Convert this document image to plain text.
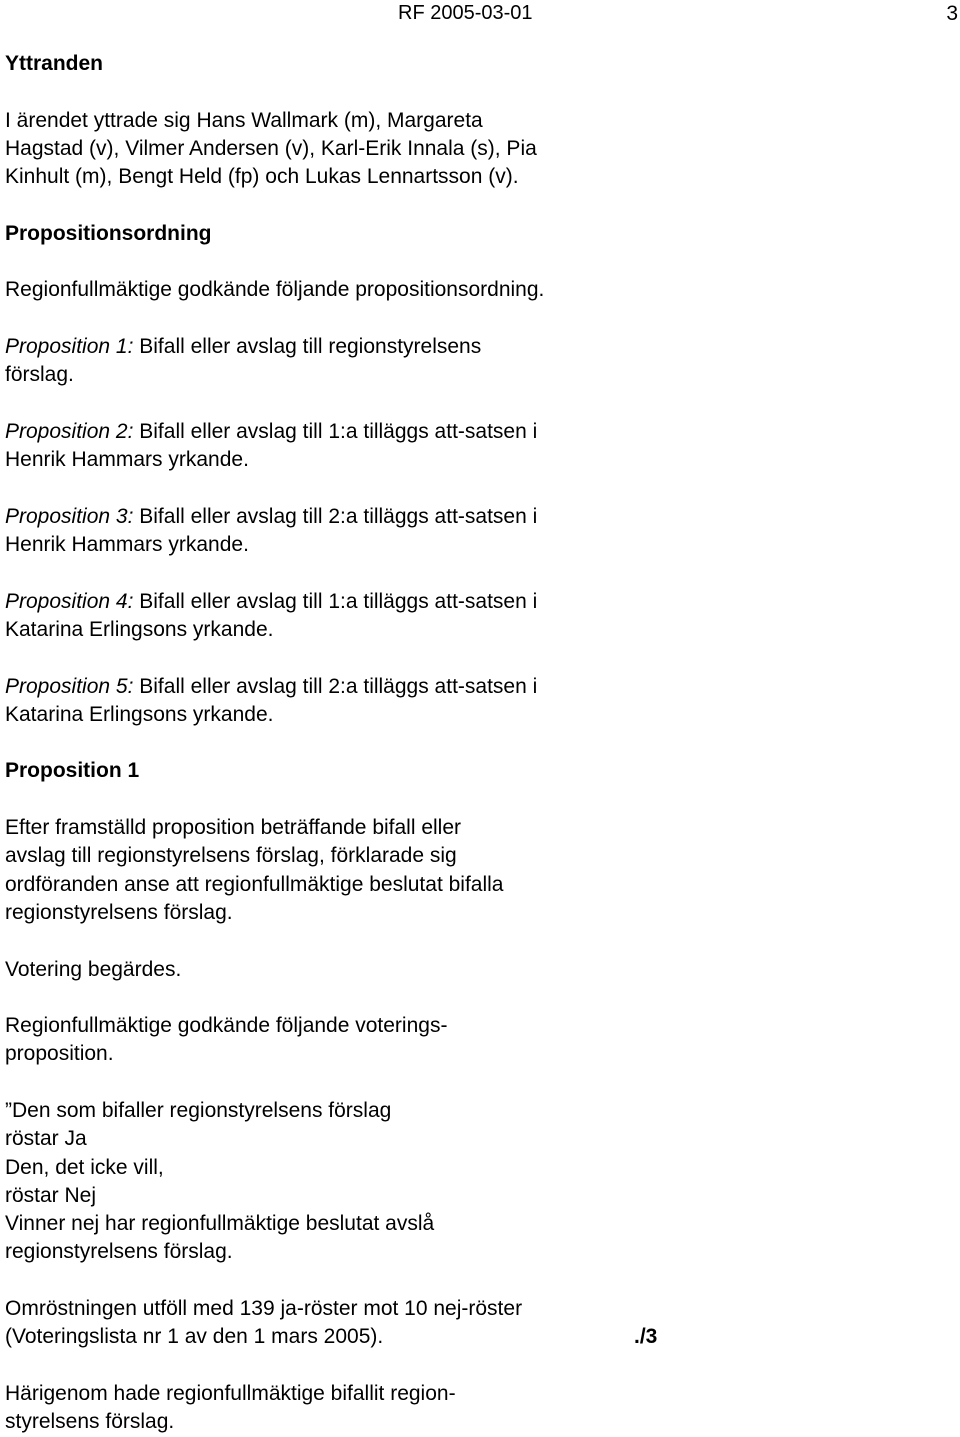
RF 2005-03-01	3
Yttranden

I ärendet yttrade sig Hans Wallmark (m), Margareta
Hagstad (v), Vilmer Andersen (v), Karl-Erik Innala (s), Pia
Kinhult (m), Bengt Held (fp) och Lukas Lennartsson (v).

Propositionsordning

Regionfullmäktige godkände följande propositionsordning.

Proposition 1: Bifall eller avslag till regionstyrelsens
förslag.

Proposition 2: Bifall eller avslag till 1:a tilläggs att-satsen i
Henrik Hammars yrkande.

Proposition 3: Bifall eller avslag till 2:a tilläggs att-satsen i
Henrik Hammars yrkande.

Proposition 4: Bifall eller avslag till 1:a tilläggs att-satsen i
Katarina Erlingsons yrkande.

Proposition 5: Bifall eller avslag till 2:a tilläggs att-satsen i
Katarina Erlingsons yrkande.

Proposition 1

Efter framställd proposition beträffande bifall eller
avslag till regionstyrelsens förslag, förklarade sig
ordföranden anse att regionfullmäktige beslutat bifalla
regionstyrelsens förslag.

Votering begärdes.

Regionfullmäktige godkände följande voterings-
proposition.

”Den som bifaller regionstyrelsens förslag
röstar Ja
Den, det icke vill,
röstar Nej
Vinner nej har regionfullmäktige beslutat avslå
regionstyrelsens förslag.

Omröstningen utföll med 139 ja-röster mot 10 nej-röster
(Voteringslista nr 1 av den 1 mars 2005).	./3

Härigenom hade regionfullmäktige bifallit region-
styrelsens förslag.
